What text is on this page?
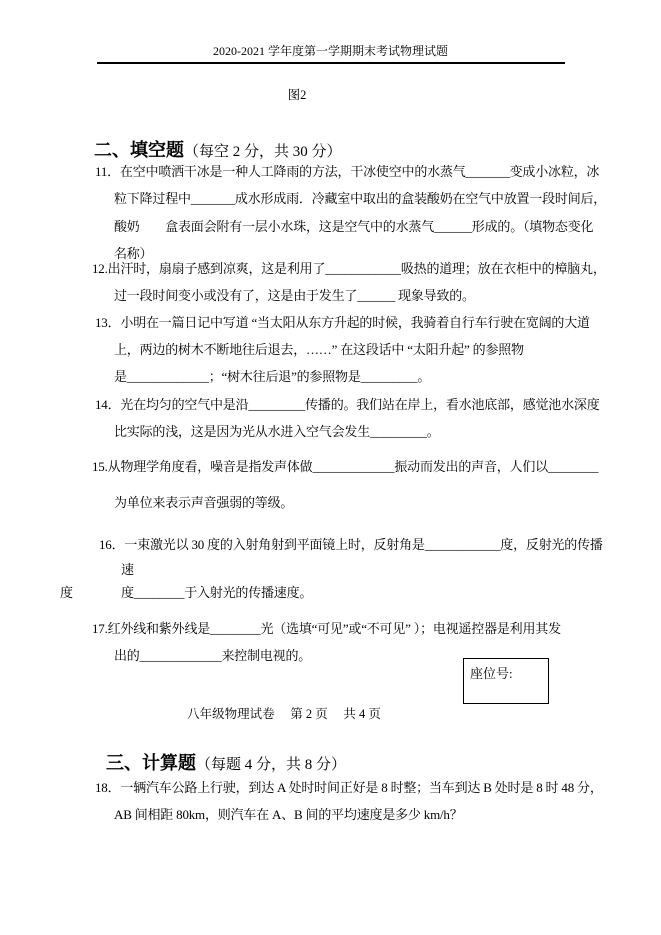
2020-2021 学年度第一学期期末考试物理试题
图2

二、填空题（每空 2 分，共 30 分）

11．在空中喷洒干冰是一种人工降雨的方法，干冰使空中的水蒸气_______变成小冰粒，冰
粒下降过程中_______成水形成雨．冷藏室中取出的盒装酸奶在空气中放置一段时间后，
酸奶　　盒表面会附有一层小水珠，这是空气中的水蒸气______形成的。（填物态变化
名称）
12.出汗时，扇扇子感到凉爽，这是利用了____________吸热的道理；放在衣柜中的樟脑丸，
过一段时间变小或没有了，这是由于发生了______ 现象导致的。
13．小明在一篇日记中写道 “当太阳从东方升起的时候，我骑着自行车行驶在宽阔的大道
上，两边的树木不断地往后退去，……” 在这段话中 “太阳升起” 的参照物
是_____________；“树木往后退”的参照物是_________。
14．光在均匀的空气中是沿_________传播的。我们站在岸上，看水池底部，感觉池水深度
比实际的浅，这是因为光从水进入空气会发生_________。
15.从物理学角度看，噪音是指发声体做_____________振动而发出的声音，人们以________
为单位来表示声音强弱的等级。
16．一束激光以 30 度的入射角射到平面镜上时，反射角是____________度，反射光的传播
速
度	度________于入射光的传播速度。
17.红外线和紫外线是________光（选填“可见”或“不可见” ）；电视遥控器是利用其发
出的_____________来控制电视的。
座位号:
八年级物理试卷　 第 2 页　 共 4 页

三、计算题（每题 4 分，共 8 分）

18．一辆汽车公路上行驶，到达 A 处时时间正好是 8 时整；当车到达 B 处时是 8 时 48 分，
AB 间相距 80km，则汽车在 A、B 间的平均速度是多少 km/h？
